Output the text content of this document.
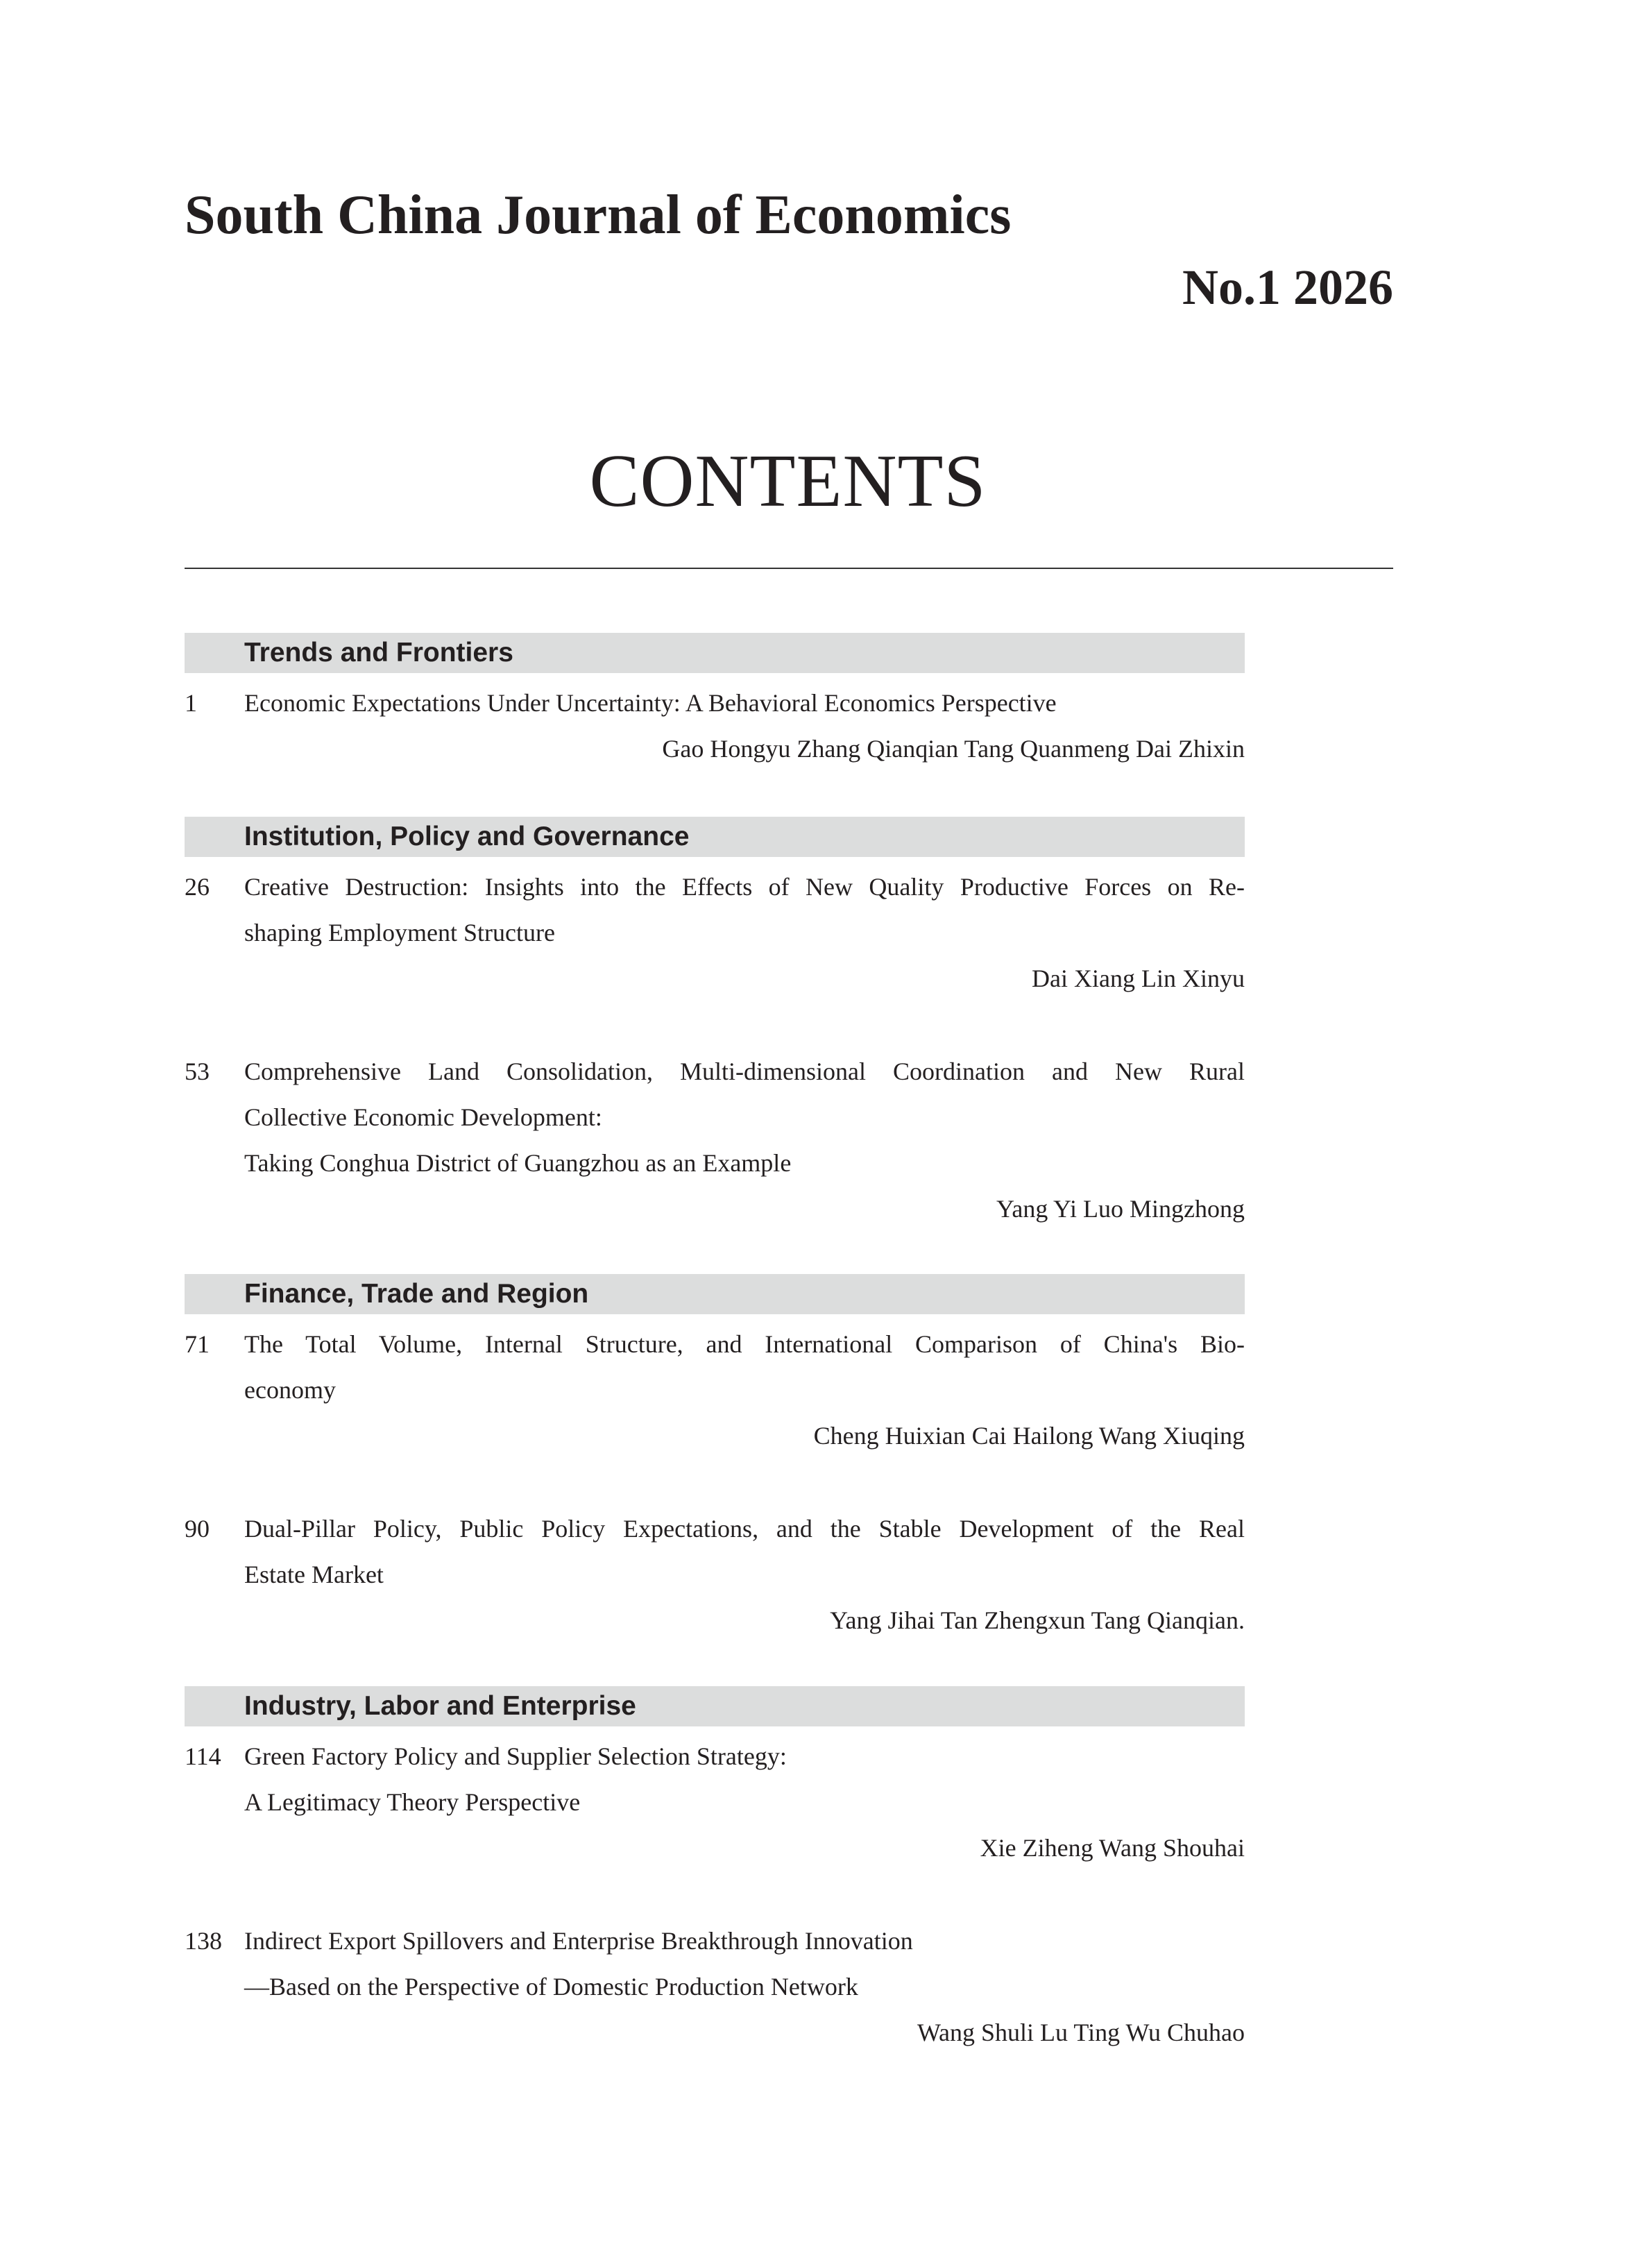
South China Journal of Economics
No.1 2026
CONTENTS
Trends and Frontiers
1 Economic Expectations Under Uncertainty: A Behavioral Economics Perspective
Gao Hongyu Zhang Qianqian Tang Quanmeng Dai Zhixin
Institution, Policy and Governance
26 Creative Destruction: Insights into the Effects of New Quality Productive Forces on Re-
shaping Employment Structure
Dai Xiang Lin Xinyu
53 Comprehensive Land Consolidation, Multi-dimensional Coordination and New Rural
Collective Economic Development:
Taking Conghua District of Guangzhou as an Example
Yang Yi Luo Mingzhong
Finance, Trade and Region
71 The Total Volume, Internal Structure, and International Comparison of China's Bio-
economy
Cheng Huixian Cai Hailong Wang Xiuqing
90 Dual-Pillar Policy, Public Policy Expectations, and the Stable Development of the Real
Estate Market
Yang Jihai Tan Zhengxun Tang Qianqian.
Industry, Labor and Enterprise
114 Green Factory Policy and Supplier Selection Strategy:
A Legitimacy Theory Perspective
Xie Ziheng Wang Shouhai
138 Indirect Export Spillovers and Enterprise Breakthrough Innovation
—Based on the Perspective of Domestic Production Network
Wang Shuli Lu Ting Wu Chuhao
